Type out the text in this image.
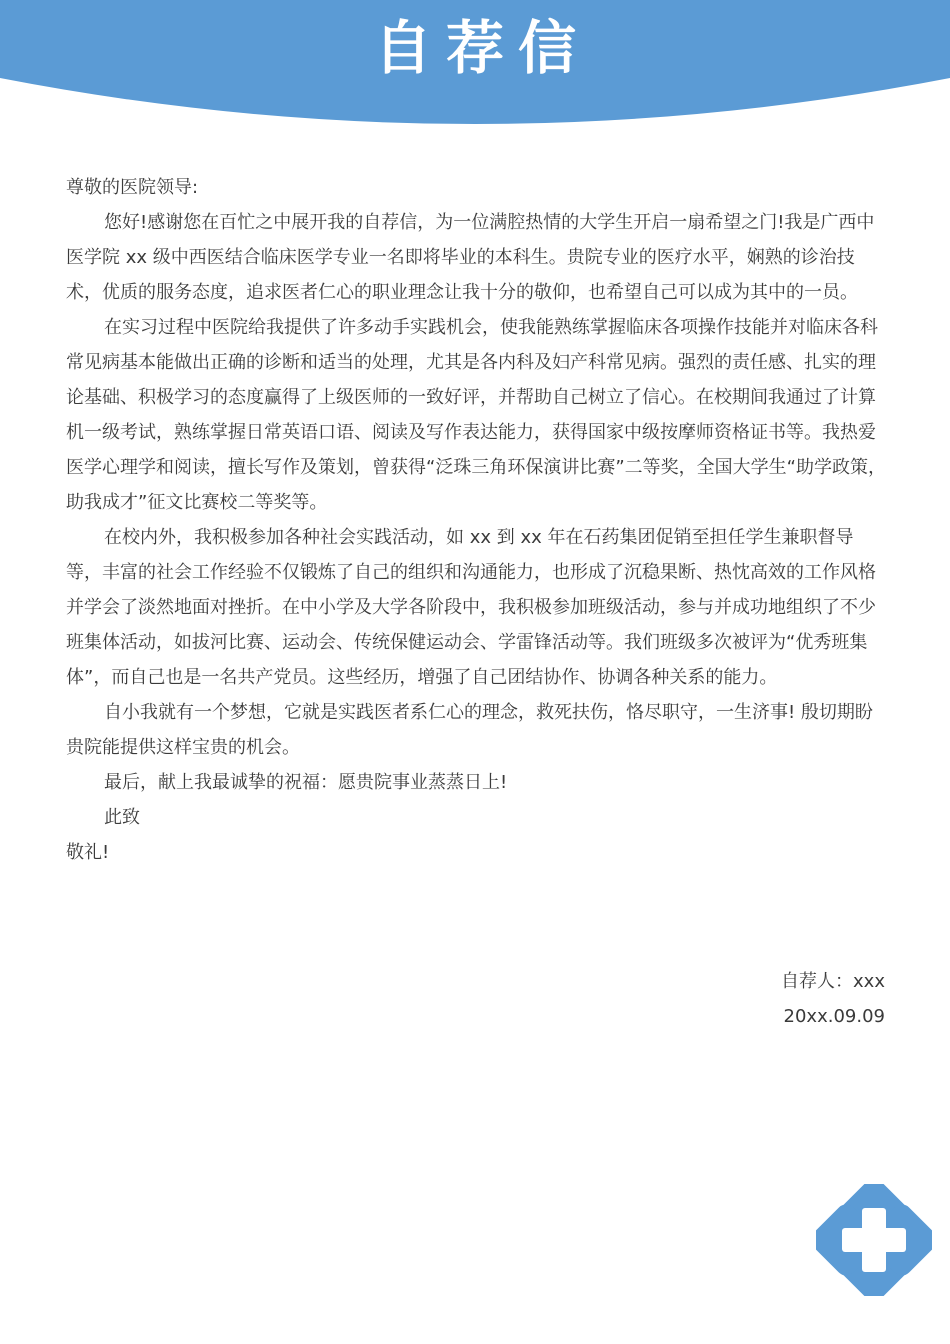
自荐信

尊敬的医院领导:

您好!感谢您在百忙之中展开我的自荐信，为一位满腔热情的大学生开启一扇希望之门!我是广西中医学院 xx 级中西医结合临床医学专业一名即将毕业的本科生。贵院专业的医疗水平，娴熟的诊治技术，优质的服务态度，追求医者仁心的职业理念让我十分的敬仰，也希望自己可以成为其中的一员。

在实习过程中医院给我提供了许多动手实践机会，使我能熟练掌握临床各项操作技能并对临床各科常见病基本能做出正确的诊断和适当的处理，尤其是各内科及妇产科常见病。强烈的责任感、扎实的理论基础、积极学习的态度赢得了上级医师的一致好评，并帮助自己树立了信心。在校期间我通过了计算机一级考试，熟练掌握日常英语口语、阅读及写作表达能力，获得国家中级按摩师资格证书等。我热爱医学心理学和阅读，擅长写作及策划，曾获得“泛珠三角环保演讲比赛”二等奖，全国大学生“助学政策，助我成才”征文比赛校二等奖等。

在校内外，我积极参加各种社会实践活动，如 xx 到 xx 年在石药集团促销至担任学生兼职督导等，丰富的社会工作经验不仅锻炼了自己的组织和沟通能力，也形成了沉稳果断、热忱高效的工作风格并学会了淡然地面对挫折。在中小学及大学各阶段中，我积极参加班级活动，参与并成功地组织了不少班集体活动，如拔河比赛、运动会、传统保健运动会、学雷锋活动等。我们班级多次被评为“优秀班集体”，而自己也是一名共产党员。这些经历，增强了自己团结协作、协调各种关系的能力。

自小我就有一个梦想，它就是实践医者系仁心的理念，救死扶伤，恪尽职守，一生济事! 殷切期盼贵院能提供这样宝贵的机会。

最后，献上我最诚挚的祝福：愿贵院事业蒸蒸日上!

此致

敬礼!

自荐人：xxx
20xx.09.09
